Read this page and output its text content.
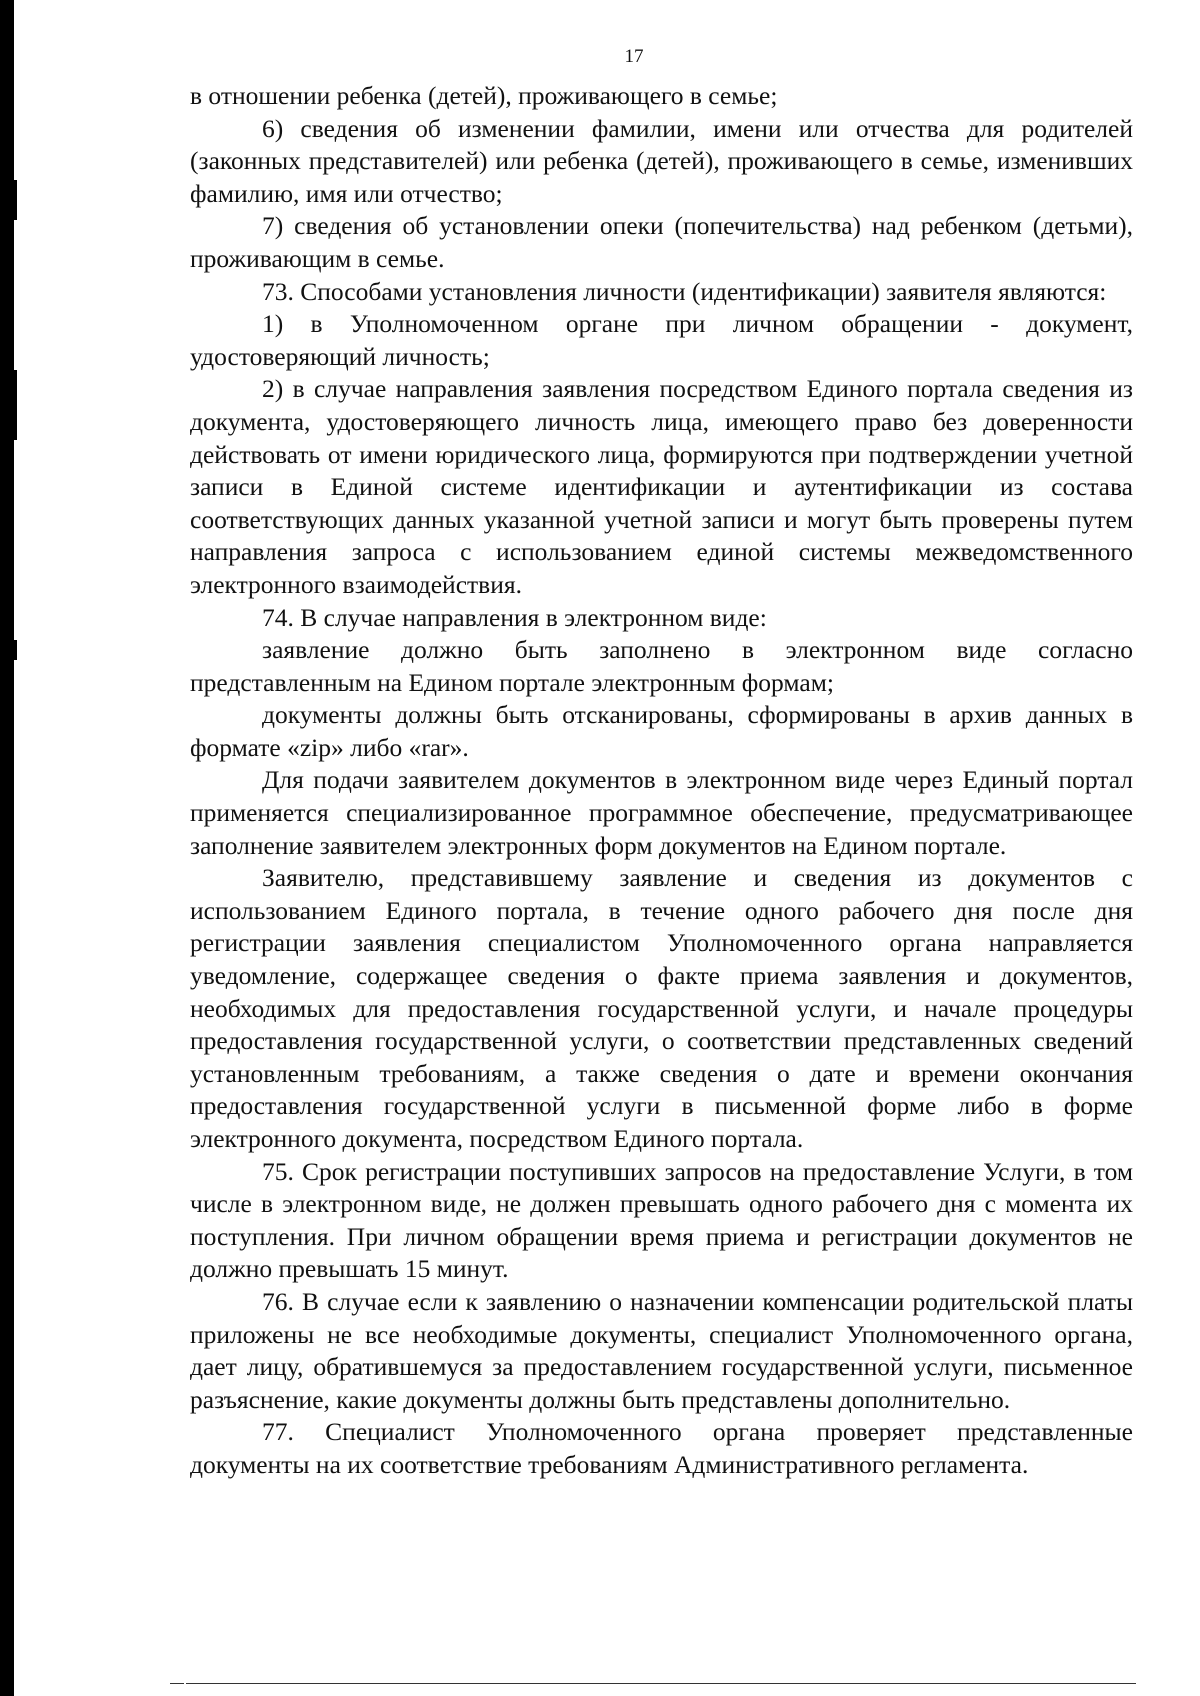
17

в отношении ребенка (детей), проживающего в семье;

6) сведения об изменении фамилии, имени или отчества для родителей (законных представителей) или ребенка (детей), проживающего в семье, изменивших фамилию, имя или отчество;

7) сведения об установлении опеки (попечительства) над ребенком (детьми), проживающим в семье.

73. Способами установления личности (идентификации) заявителя являются:

1) в Уполномоченном органе при личном обращении - документ, удостоверяющий личность;

2) в случае направления заявления посредством Единого портала сведения из документа, удостоверяющего личность лица, имеющего право без доверенности действовать от имени юридического лица, формируются при подтверждении учетной записи в Единой системе идентификации и аутентификации из состава соответствующих данных указанной учетной записи и могут быть проверены путем направления запроса с использованием единой системы межведомственного электронного взаимодействия.

74. В случае направления в электронном виде:

заявление должно быть заполнено в электронном виде согласно представленным на Едином портале электронным формам;

документы должны быть отсканированы, сформированы в архив данных в формате «zip» либо «rar».

Для подачи заявителем документов в электронном виде через Единый портал применяется специализированное программное обеспечение, предусматривающее заполнение заявителем электронных форм документов на Едином портале.

Заявителю, представившему заявление и сведения из документов с использованием Единого портала, в течение одного рабочего дня после дня регистрации заявления специалистом Уполномоченного органа направляется уведомление, содержащее сведения о факте приема заявления и документов, необходимых для предоставления государственной услуги, и начале процедуры предоставления государственной услуги, о соответствии представленных сведений установленным требованиям, а также сведения о дате и времени окончания предоставления государственной услуги в письменной форме либо в форме электронного документа, посредством Единого портала.

75. Срок регистрации поступивших запросов на предоставление Услуги, в том числе в электронном виде, не должен превышать одного рабочего дня с момента их поступления. При личном обращении время приема и регистрации документов не должно превышать 15 минут.

76. В случае если к заявлению о назначении компенсации родительской платы приложены не все необходимые документы, специалист Уполномоченного органа, дает лицу, обратившемуся за предоставлением государственной услуги, письменное разъяснение, какие документы должны быть представлены дополнительно.

77. Специалист Уполномоченного органа проверяет представленные документы на их соответствие требованиям Административного регламента.
